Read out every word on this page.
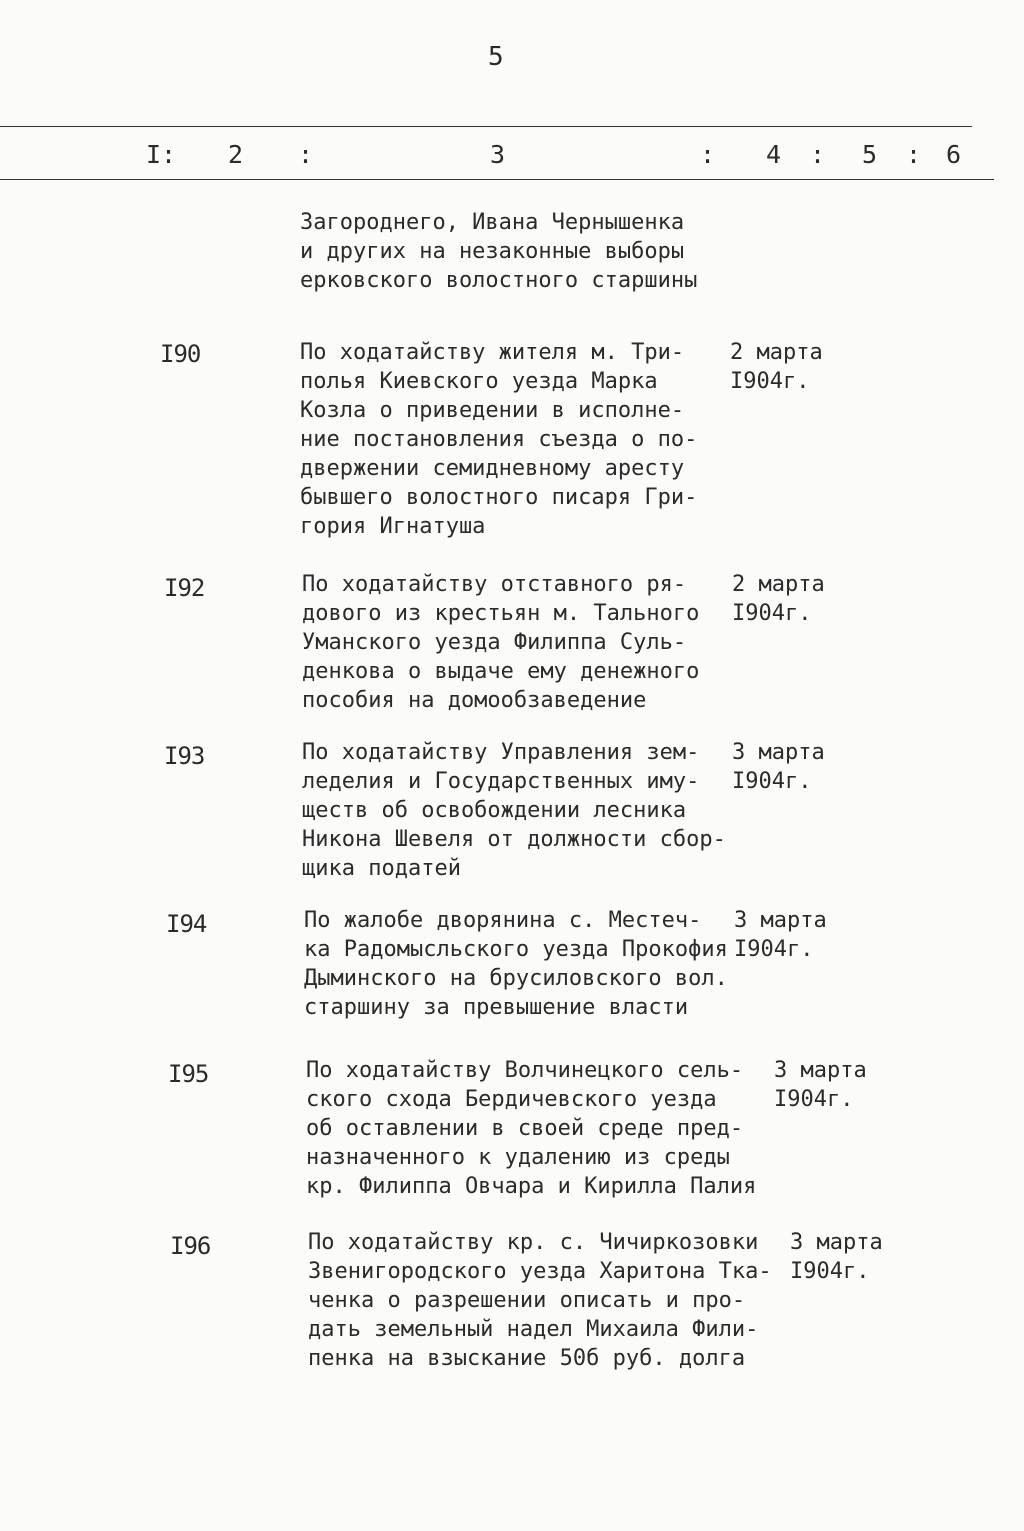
5
I: 2 :	3	: 4 : 5 : 6
Загороднего, Ивана Чернышенка
и других на незаконные выборы
ерковского волостного старшины
I90	По ходатайству жителя м. Три-
полья Киевского уезда Марка
Козла о приведении в исполне-
ние постановления съезда о по-
двержении семидневному аресту
бывшего волостного писаря Гри-
гория Игнатуша
2 марта
I904г.
I92	По ходатайству отставного ря-
дового из крестьян м. Тального
Уманского уезда Филиппа Суль-
денкова о выдаче ему денежного
пособия на домообзаведение
2 марта
I904г.
I93	По ходатайству Управления зем-
леделия и Государственных иму-
ществ об освобождении лесника
Никона Шевеля от должности сбор-
щика податей
3 марта
I904г.
I94	По жалобе дворянина с. Местеч-
ка Радомысльского уезда Прокофия
Дыминского на брусиловского вол.
старшину за превышение власти
3 марта
I904г.
I95	По ходатайству Волчинецкого сель-
ского схода Бердичевского уезда
об оставлении в своей среде пред-
назначенного к удалению из среды
кр. Филиппа Овчара и Кирилла Палия
3 марта
I904г.
I96	По ходатайству кр. с. Чичиркозовки
Звенигородского уезда Харитона Тка-
ченка о разрешении описать и про-
дать земельный надел Михаила Фили-
пенка на взыскание 50б руб. долга
3 марта
I904г.
